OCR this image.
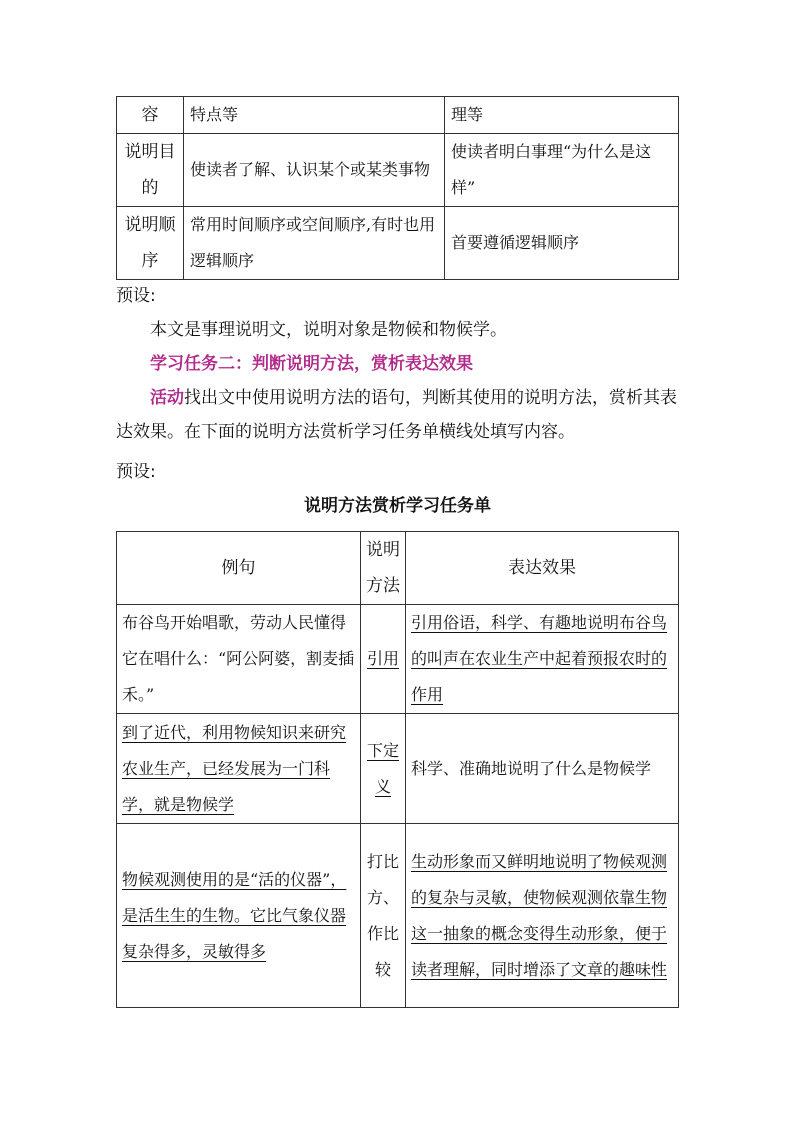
容	特点等	理等
说明目的	使读者了解、认识某个或某类事物	使读者明白事理“为什么是这样”
说明顺序	常用时间顺序或空间顺序,有时也用逻辑顺序	首要遵循逻辑顺序
预设:
本文是事理说明文，说明对象是物候和物候学。
学习任务二：判断说明方法，赏析表达效果
活动找出文中使用说明方法的语句，判断其使用的说明方法，赏析其表达效果。在下面的说明方法赏析学习任务单横线处填写内容。
预设:
说明方法赏析学习任务单
例句	说明方法	表达效果
布谷鸟开始唱歌，劳动人民懂得它在唱什么：“阿公阿婆，割麦插禾。”	引用	引用俗语，科学、有趣地说明布谷鸟的叫声在农业生产中起着预报农时的作用
到了近代，利用物候知识来研究农业生产，已经发展为一门科学，就是物候学	下定义	科学、准确地说明了什么是物候学
物候观测使用的是“活的仪器”，是活生生的生物。它比气象仪器复杂得多，灵敏得多	打比方、作比较	生动形象而又鲜明地说明了物候观测的复杂与灵敏，使物候观测依靠生物这一抽象的概念变得生动形象，便于读者理解，同时增添了文章的趣味性
